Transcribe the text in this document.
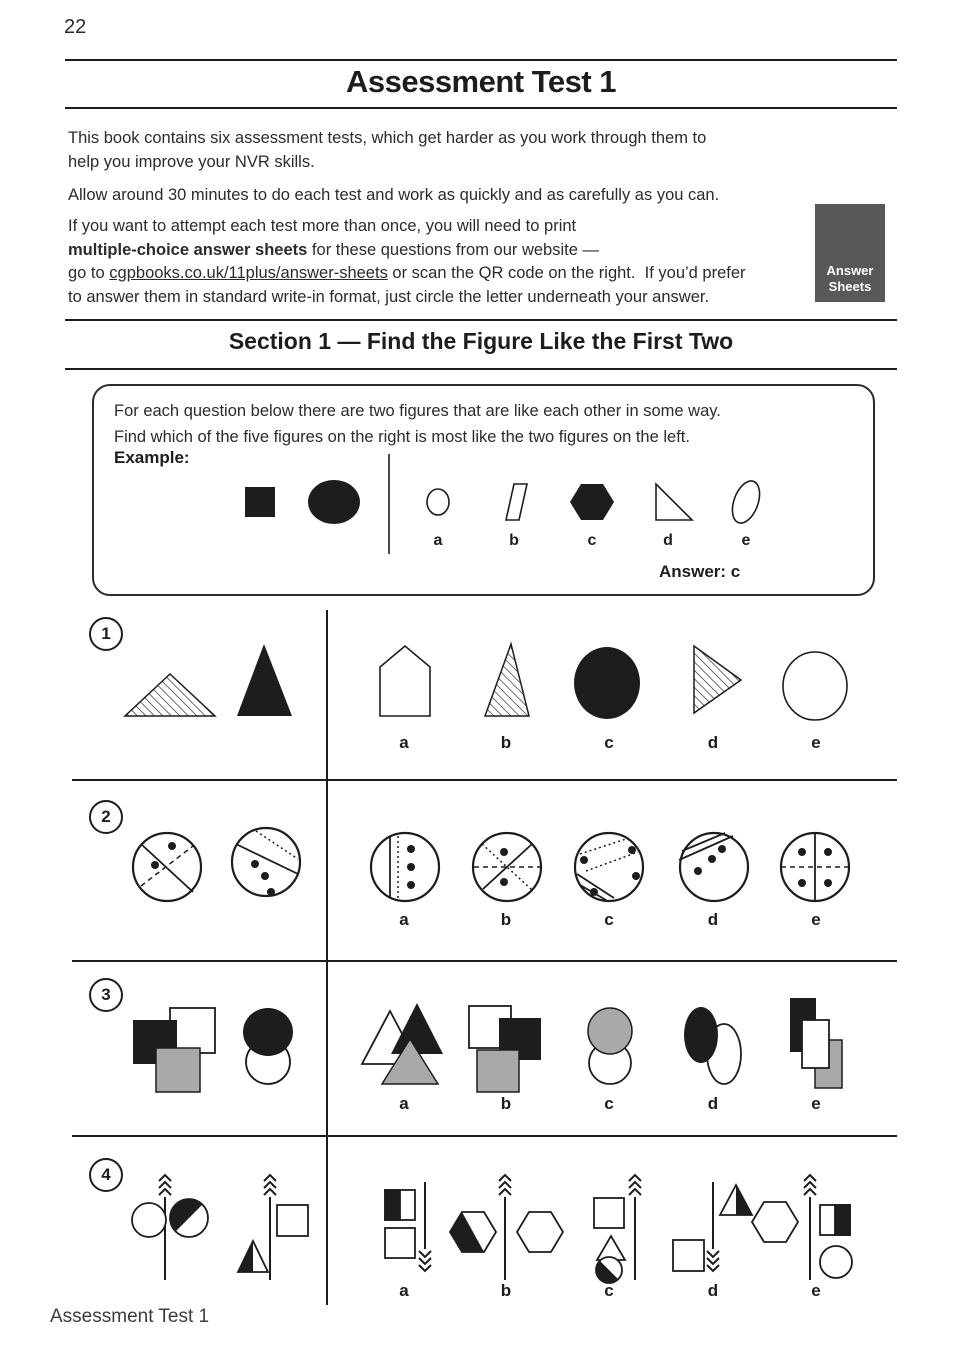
22
Assessment Test 1
This book contains six assessment tests, which get harder as you work through them to
help you improve your NVR skills.
Allow around 30 minutes to do each test and work as quickly and as carefully as you can.
If you want to attempt each test more than once, you will need to print
multiple-choice answer sheets for these questions from our website —
go to cgpbooks.co.uk/11plus/answer-sheets or scan the QR code on the right.  If you’d prefer
to answer them in standard write-in format, just circle the letter underneath your answer.
Answer
Sheets
Section 1 — Find the Figure Like the First Two
For each question below there are two figures that are like each other in some way.
Find which of the five figures on the right is most like the two figures on the left.
Example:
a	b	c	d	e
Answer: c
1
a	b	c	d	e
2
a	b	c	d	e
3
a	b	c	d	e
4
a	b	c	d	e
Assessment Test 1
